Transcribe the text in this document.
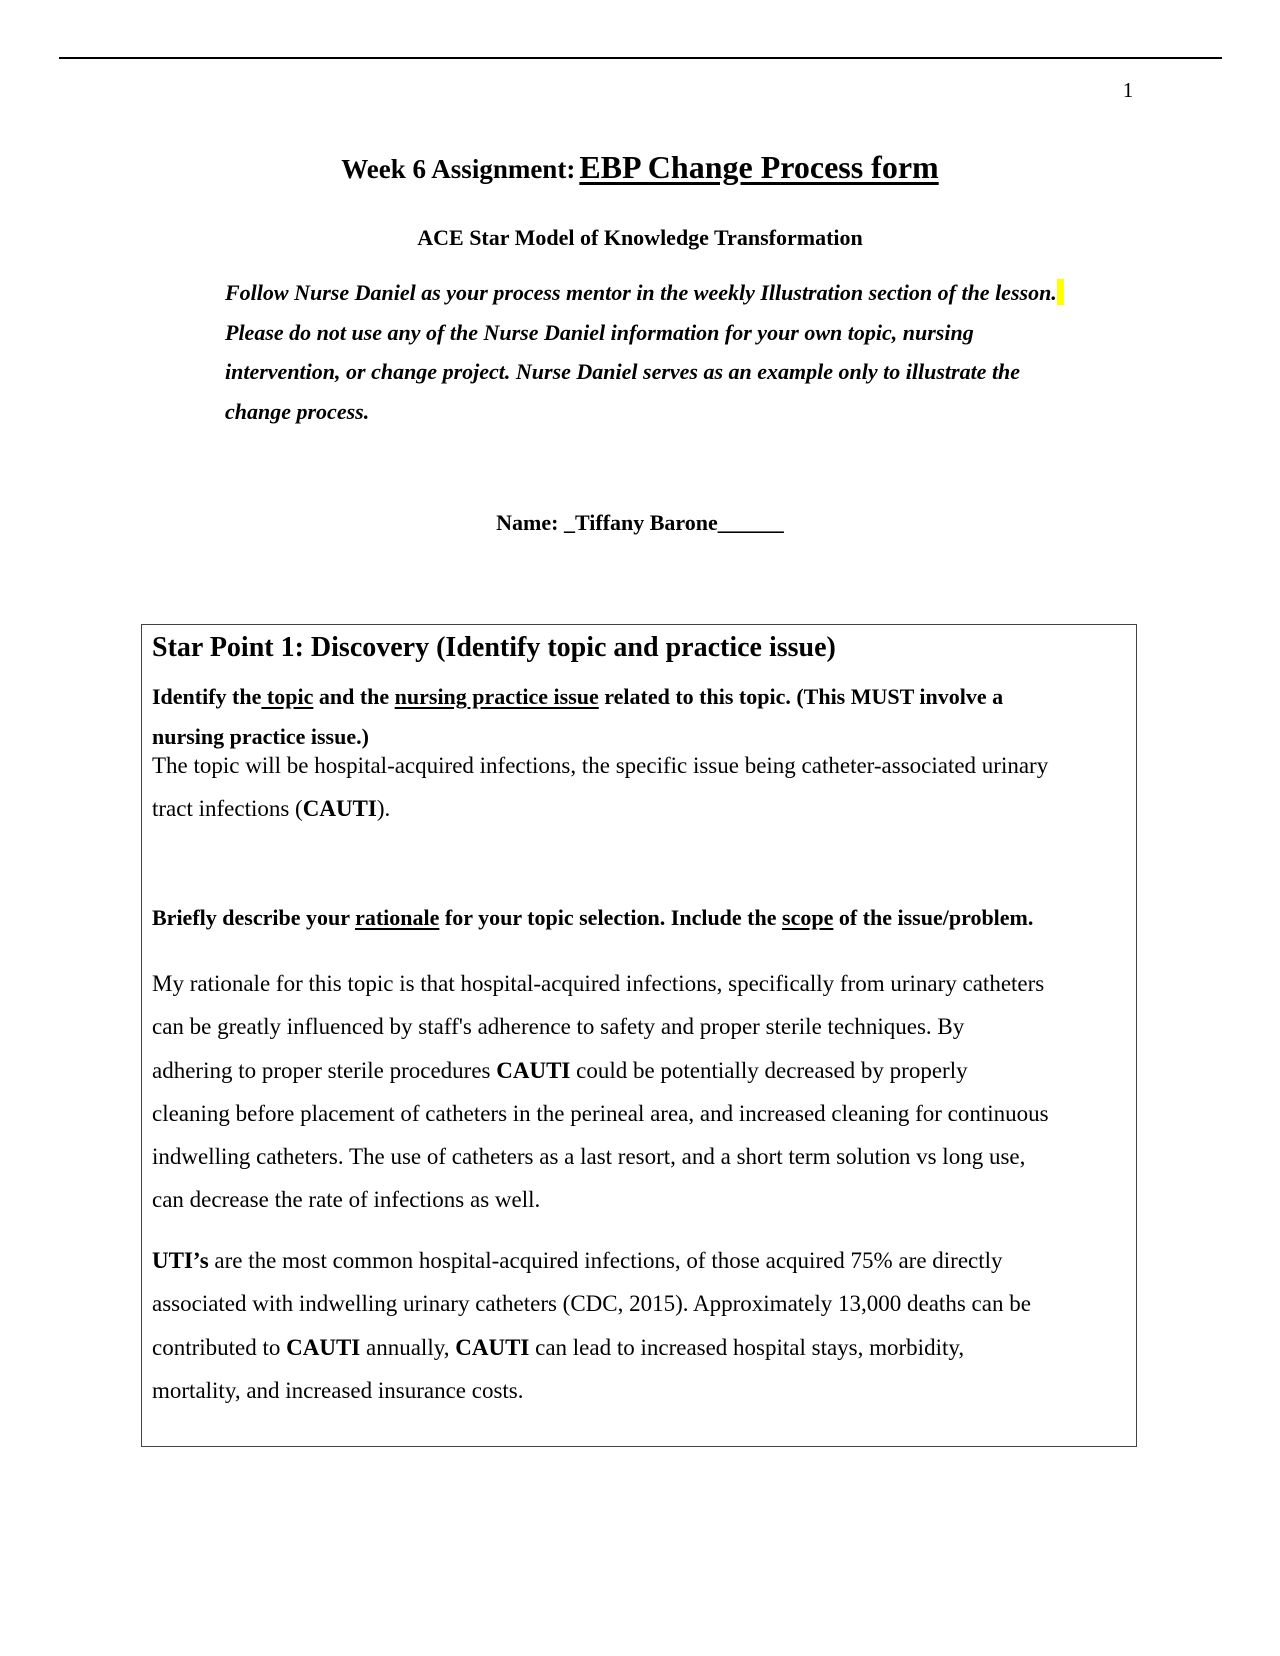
1
Week 6 Assignment: EBP Change Process form
ACE Star Model of Knowledge Transformation
Follow Nurse Daniel as your process mentor in the weekly Illustration section of the lesson.
Please do not use any of the Nurse Daniel information for your own topic, nursing
intervention, or change project. Nurse Daniel serves as an example only to illustrate the
change process.
Name: _Tiffany Barone______
Star Point 1: Discovery (Identify topic and practice issue)
Identify the topic and the nursing practice issue related to this topic. (This MUST involve a
nursing practice issue.)
The topic will be hospital-acquired infections, the specific issue being catheter-associated urinary
tract infections (CAUTI).
Briefly describe your rationale for your topic selection. Include the scope of the issue/problem.
My rationale for this topic is that hospital-acquired infections, specifically from urinary catheters
can be greatly influenced by staff's adherence to safety and proper sterile techniques. By
adhering to proper sterile procedures CAUTI could be potentially decreased by properly
cleaning before placement of catheters in the perineal area, and increased cleaning for continuous
indwelling catheters. The use of catheters as a last resort, and a short term solution vs long use,
can decrease the rate of infections as well.
UTI’s are the most common hospital-acquired infections, of those acquired 75% are directly
associated with indwelling urinary catheters (CDC, 2015). Approximately 13,000 deaths can be
contributed to CAUTI annually, CAUTI can lead to increased hospital stays, morbidity,
mortality, and increased insurance costs.
